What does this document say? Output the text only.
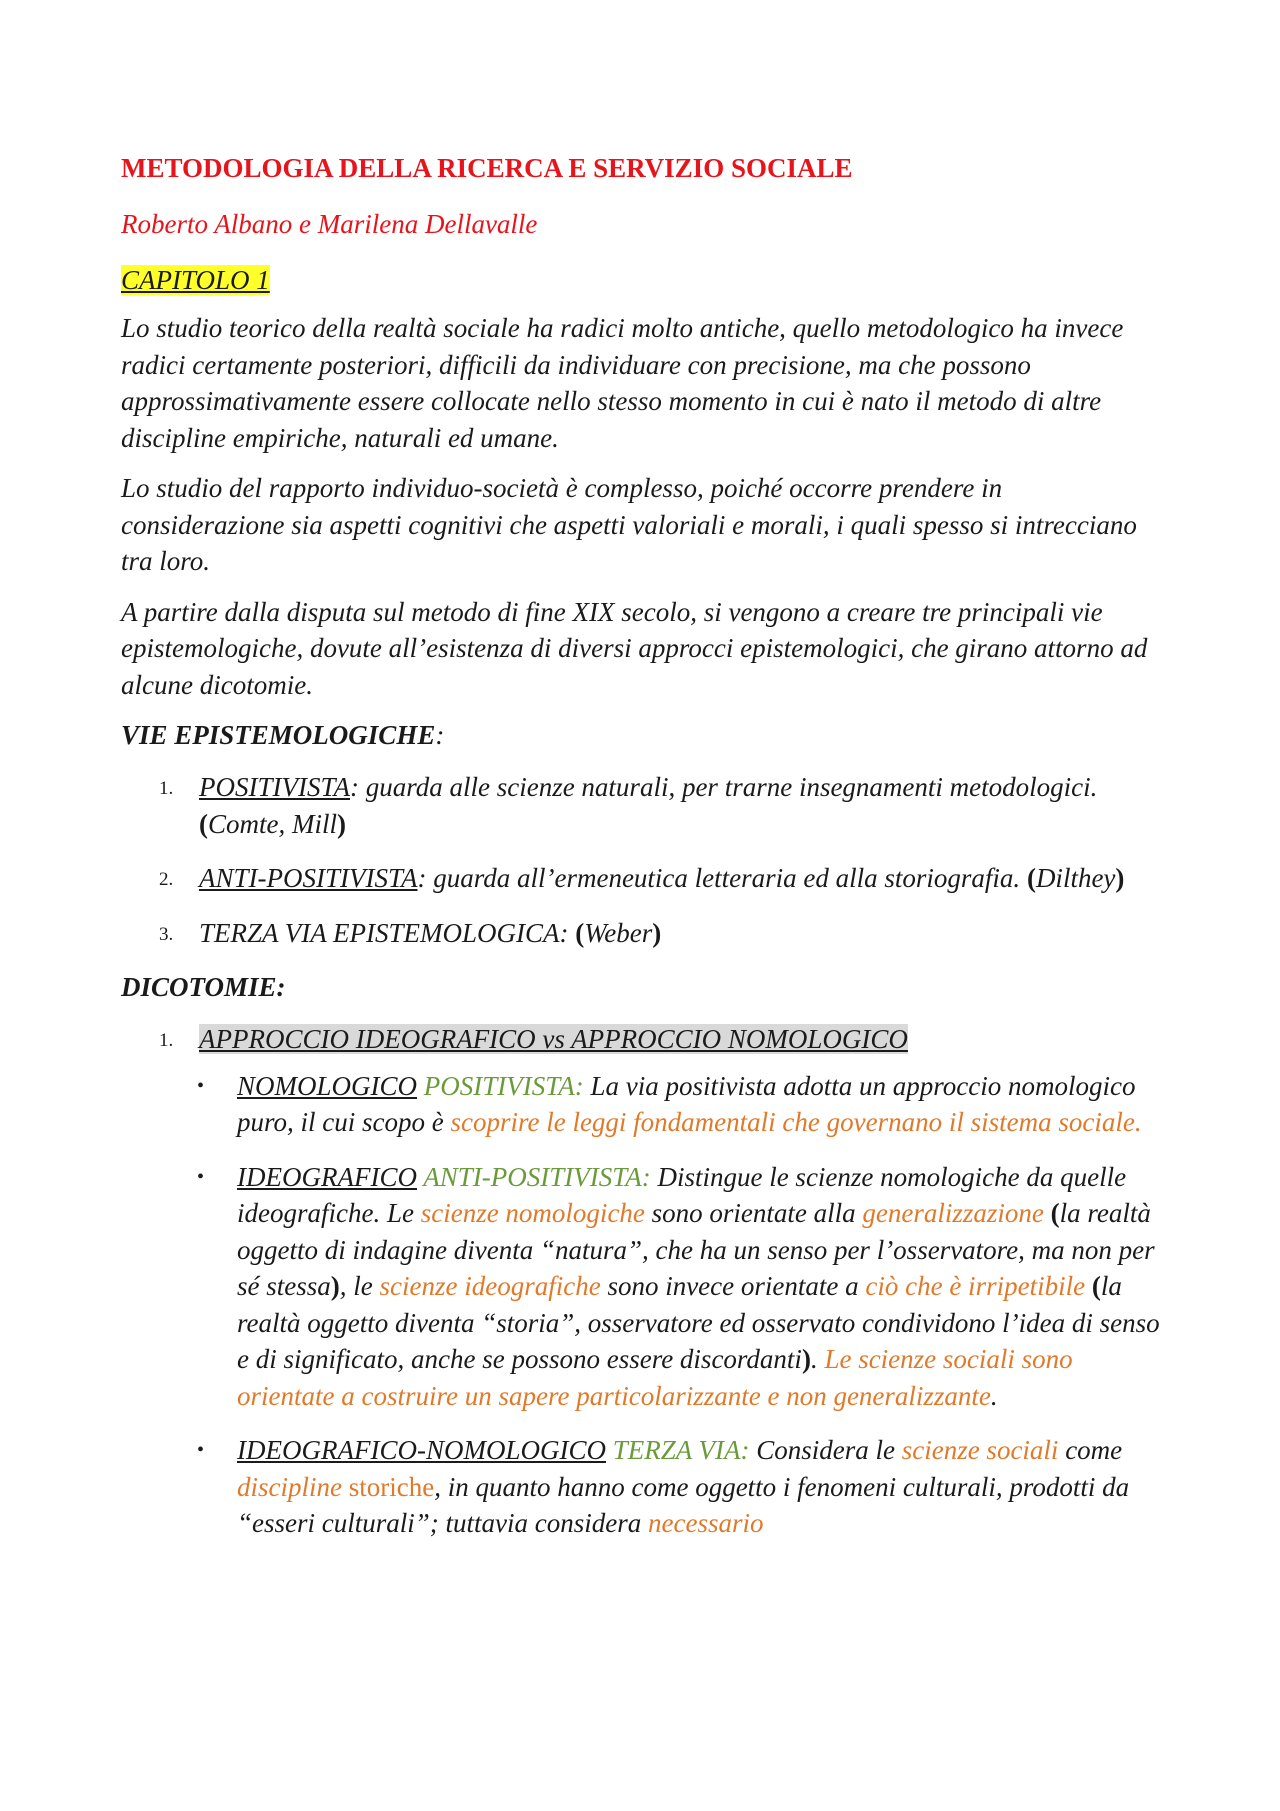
METODOLOGIA DELLA RICERCA E SERVIZIO SOCIALE
Roberto Albano e Marilena Dellavalle
CAPITOLO 1

Lo studio teorico della realtà sociale ha radici molto antiche, quello metodologico ha invece radici certamente posteriori, difficili da individuare con precisione, ma che possono approssimativamente essere collocate nello stesso momento in cui è nato il metodo di altre discipline empiriche, naturali ed umane.

Lo studio del rapporto individuo-società è complesso, poiché occorre prendere in considerazione sia aspetti cognitivi che aspetti valoriali e morali, i quali spesso si intrecciano tra loro.

A partire dalla disputa sul metodo di fine XIX secolo, si vengono a creare tre principali vie epistemologiche, dovute all’esistenza di diversi approcci epistemologici, che girano attorno ad alcune dicotomie.

VIE EPISTEMOLOGICHE:
1. POSITIVISTA: guarda alle scienze naturali, per trarne insegnamenti metodologici. (Comte, Mill)
2. ANTI-POSITIVISTA: guarda all’ermeneutica letteraria ed alla storiografia. (Dilthey)
3. TERZA VIA EPISTEMOLOGICA: (Weber)
DICOTOMIE:
1. APPROCCIO IDEOGRAFICO vs APPROCCIO NOMOLOGICO
• NOMOLOGICO POSITIVISTA: La via positivista adotta un approccio nomologico puro, il cui scopo è scoprire le leggi fondamentali che governano il sistema sociale.
• IDEOGRAFICO ANTI-POSITIVISTA: Distingue le scienze nomologiche da quelle ideografiche. Le scienze nomologiche sono orientate alla generalizzazione (la realtà oggetto di indagine diventa “natura”, che ha un senso per l’osservatore, ma non per sé stessa), le scienze ideografiche sono invece orientate a ciò che è irripetibile (la realtà oggetto diventa “storia”, osservatore ed osservato condividono l’idea di senso e di significato, anche se possono essere discordanti). Le scienze sociali sono orientate a costruire un sapere particolarizzante e non generalizzante.
• IDEOGRAFICO-NOMOLOGICO TERZA VIA: Considera le scienze sociali come discipline storiche, in quanto hanno come oggetto i fenomeni culturali, prodotti da “esseri culturali”; tuttavia considera necessario
